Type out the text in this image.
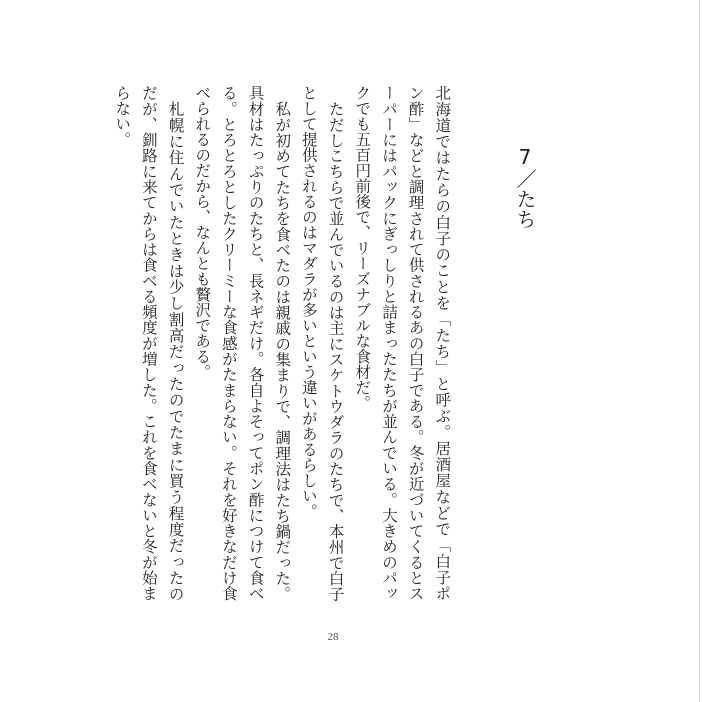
7／たち
北海道ではたらの白子のことを「たち」と呼ぶ。居酒屋などで「白子ポ
ン酢」などと調理されて供されるあの白子である。冬が近づいてくるとス
ーパーにはパックにぎっしりと詰まったたちが並んでいる。大きめのパッ
クでも五百円前後で、リーズナブルな食材だ。
ただしこちらで並んでいるのは主にスケトウダラのたちで、本州で白子
として提供されるのはマダラが多いという違いがあるらしい。
私が初めてたちを食べたのは親戚の集まりで、調理法はたち鍋だった。
具材はたっぷりのたちと、長ネギだけ。各自よそってポン酢につけて食べ
る。とろとろとしたクリーミーな食感がたまらない。それを好きなだけ食
べられるのだから、なんとも贅沢である。
札幌に住んでいたときは少し割高だったのでたまに買う程度だったの
だが、釧路に来てからは食べる頻度が増した。これを食べないと冬が始ま
らない。
28
